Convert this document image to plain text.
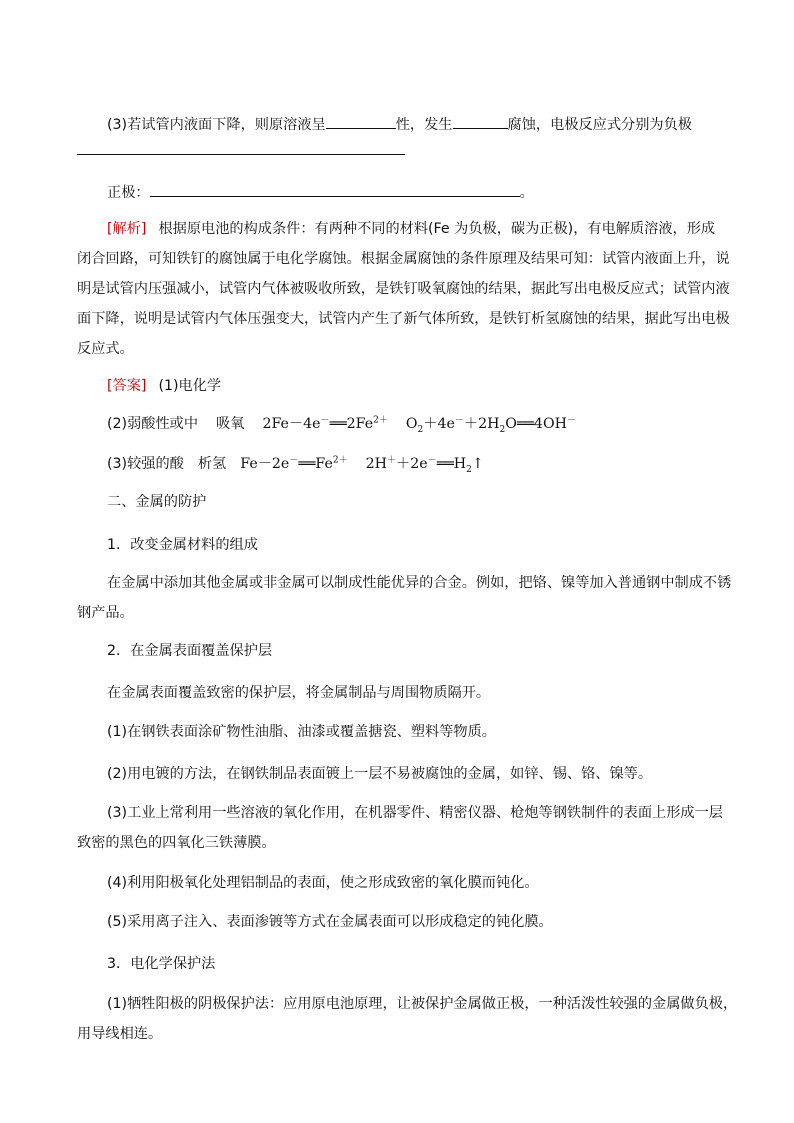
(3)若试管内液面下降，则原溶液呈	性，发生	腐蚀，电极反应式分别为负极
正极：	。
[解析] 根据原电池的构成条件：有两种不同的材料(Fe 为负极，碳为正极)，有电解质溶液，形成
闭合回路，可知铁钉的腐蚀属于电化学腐蚀。根据金属腐蚀的条件原理及结果可知：试管内液面上升，说
明是试管内压强减小，试管内气体被吸收所致，是铁钉吸氧腐蚀的结果，据此写出电极反应式；试管内液
面下降，说明是试管内气体压强变大，试管内产生了新气体所致，是铁钉析氢腐蚀的结果，据此写出电极
反应式。
[答案] (1)电化学
(2)弱酸性或中 吸氧 $2Fe-4e^-══2Fe^{2+}$ $O_2+4e^-+2H_2O══4OH^-$
(3)较强的酸 析氢 $Fe-2e^-══Fe^{2+}$ $2H^++2e^-══H_2↑$
二、金属的防护
1．改变金属材料的组成
在金属中添加其他金属或非金属可以制成性能优异的合金。例如，把铬、镍等加入普通钢中制成不锈
钢产品。
2．在金属表面覆盖保护层
在金属表面覆盖致密的保护层，将金属制品与周围物质隔开。
(1)在钢铁表面涂矿物性油脂、油漆或覆盖搪瓷、塑料等物质。
(2)用电镀的方法，在钢铁制品表面镀上一层不易被腐蚀的金属，如锌、锡、铬、镍等。
(3)工业上常利用一些溶液的氧化作用，在机器零件、精密仪器、枪炮等钢铁制件的表面上形成一层
致密的黑色的四氧化三铁薄膜。
(4)利用阳极氧化处理铝制品的表面，使之形成致密的氧化膜而钝化。
(5)采用离子注入、表面渗镀等方式在金属表面可以形成稳定的钝化膜。
3．电化学保护法
(1)牺牲阳极的阴极保护法：应用原电池原理，让被保护金属做正极，一种活泼性较强的金属做负极，
用导线相连。
